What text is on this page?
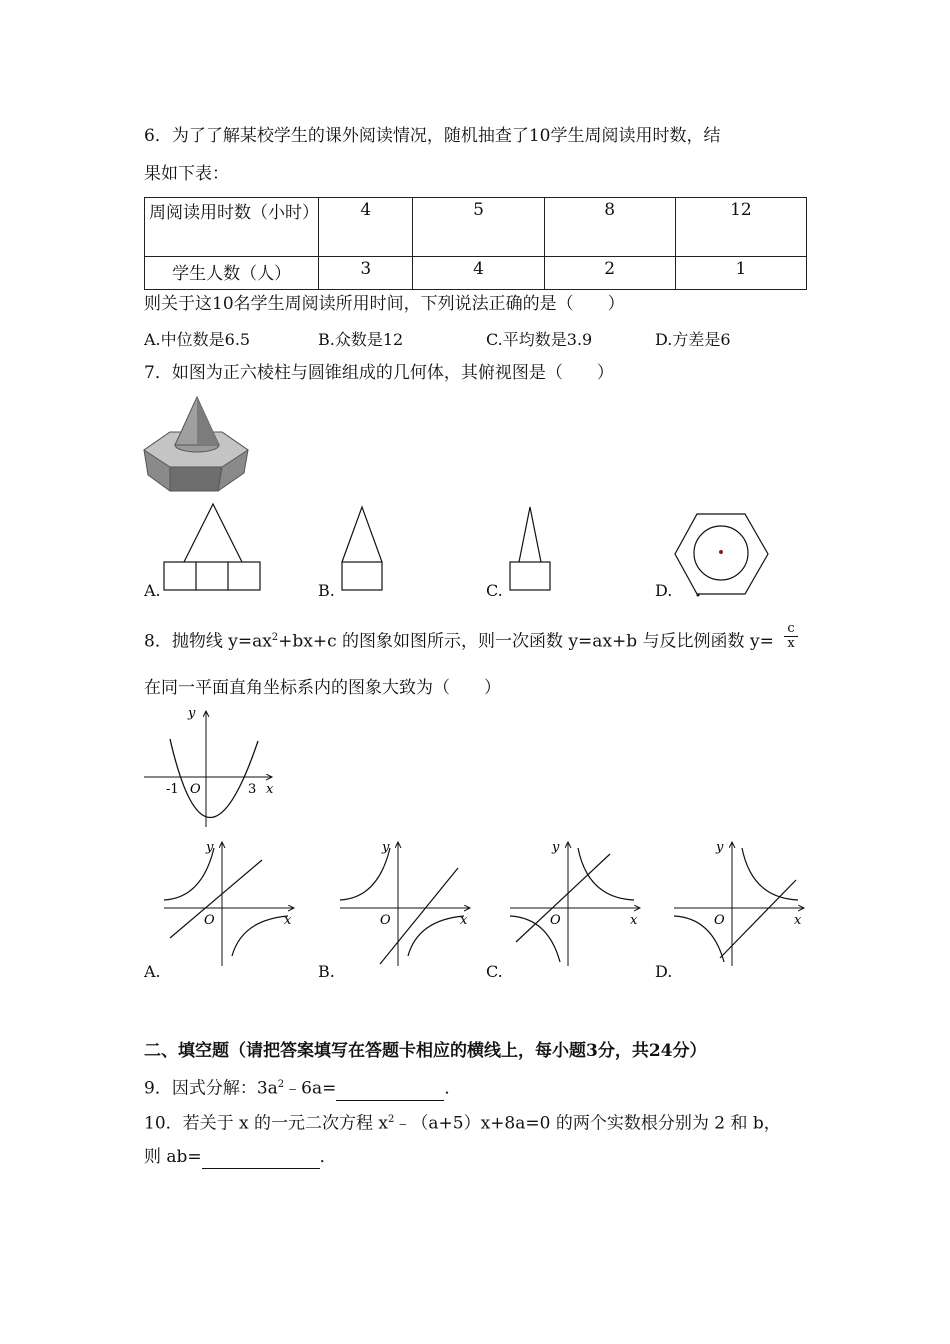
6．为了了解某校学生的课外阅读情况，随机抽查了10学生周阅读用时数，结
果如下表：
周阅读用时数（小时）	4	5	8	12
学生人数（人）	3	4	2	1
则关于这10名学生周阅读所用时间，下列说法正确的是（　　）
A.中位数是6.5	B.众数是12	C.平均数是3.9	D.方差是6
7．如图为正六棱柱与圆锥组成的几何体，其俯视图是（　　）
A.	B.	C.	D.
8．抛物线 $y=ax^2+bx+c$ 的图象如图所示，则一次函数 y=ax+b 与反比例函数 $y= \frac{c}{x}$
在同一平面直角坐标系内的图象大致为（　　）
y
x
O
-1	3
y
x
O
A.
y
x
O
B.
y
x
O
C.
y
x
O
D.
二、填空题（请把答案填写在答题卡相应的横线上，每小题3分，共24分）
9．因式分解：$3a^2﹣6a=$	．
10．若关于 x 的一元二次方程 $x^2﹣(a+5)x+8a=0$ 的两个实数根分别为 2 和 b，
则 ab=	．
